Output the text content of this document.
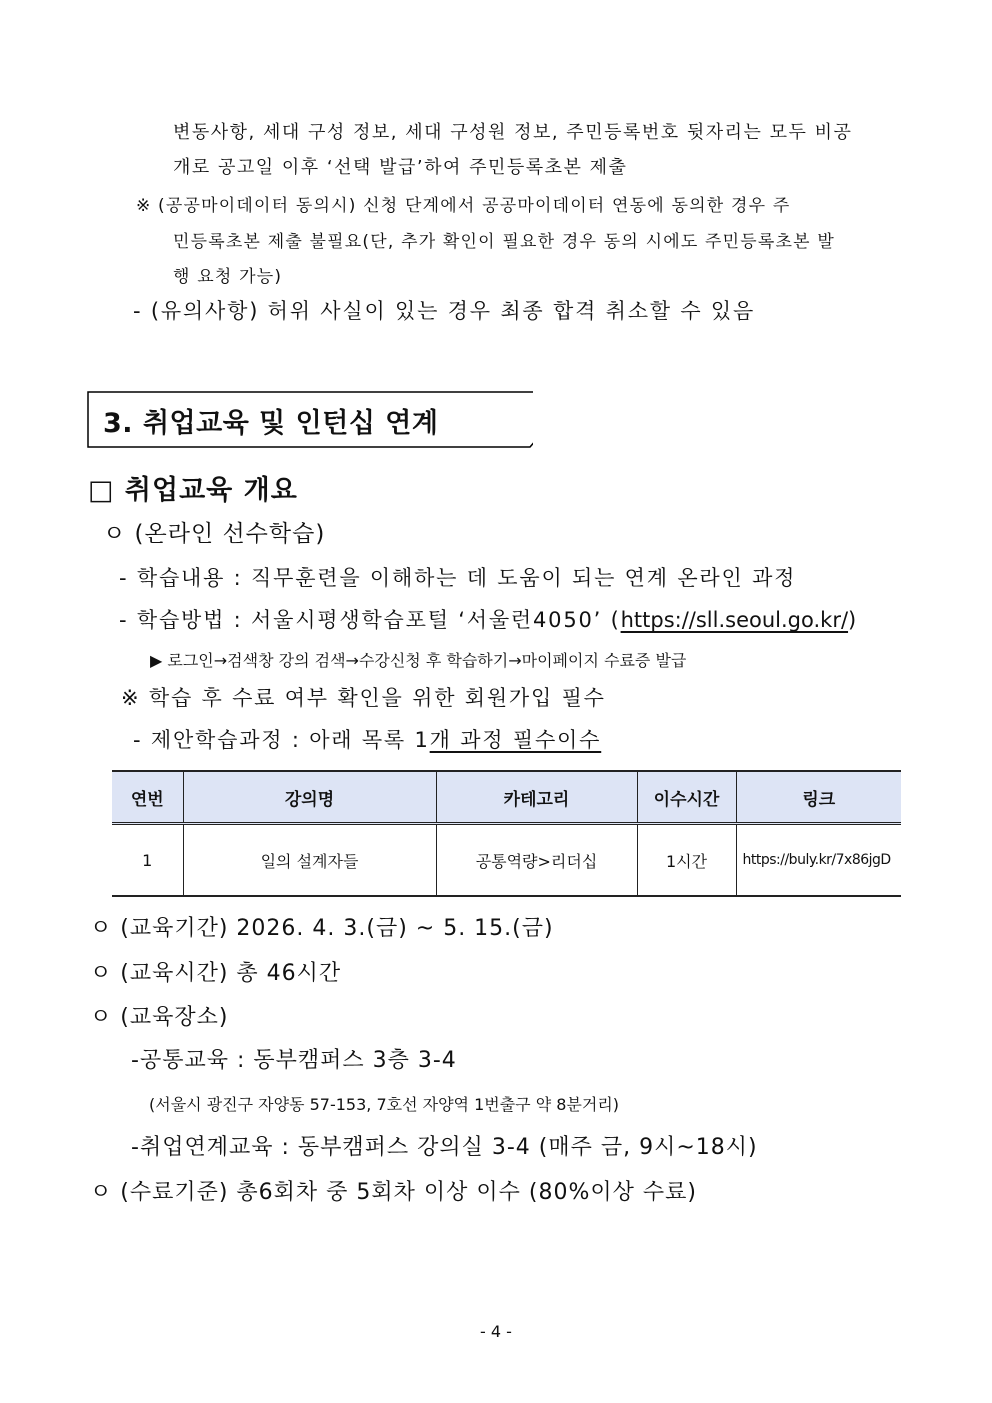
변동사항, 세대 구성 정보, 세대 구성원 정보, 주민등록번호 뒷자리는 모두 비공
개로 공고일 이후 ‘선택 발급’하여 주민등록초본 제출
※ (공공마이데이터 동의시) 신청 단계에서 공공마이데이터 연동에 동의한 경우 주
민등록초본 제출 불필요(단, 추가 확인이 필요한 경우 동의 시에도 주민등록초본 발
행 요청 가능)
- (유의사항) 허위 사실이 있는 경우 최종 합격 취소할 수 있음
3. 취업교육 및 인턴십 연계
□ 취업교육 개요
ㅇ (온라인 선수학습)
- 학습내용 : 직무훈련을 이해하는 데 도움이 되는 연계 온라인 과정
- 학습방법 : 서울시평생학습포털 ‘서울런4050’ (https://sll.seoul.go.kr/)
▶ 로그인→검색창 강의 검색→수강신청 후 학습하기→마이페이지 수료증 발급
※ 학습 후 수료 여부 확인을 위한 회원가입 필수
- 제안학습과정 : 아래 목록 1개 과정 필수이수
연번	강의명	카테고리	이수시간	링크
1	일의 설계자들	공통역량>리더십	1시간	https://buly.kr/7x86jgD
ㅇ (교육기간) 2026. 4. 3.(금) ~ 5. 15.(금)
ㅇ (교육시간) 총 46시간
ㅇ (교육장소)
-공통교육 : 동부캠퍼스 3층 3-4
(서울시 광진구 자양동 57-153, 7호선 자양역 1번출구 약 8분거리)
-취업연계교육 : 동부캠퍼스 강의실 3-4 (매주 금, 9시~18시)
ㅇ (수료기준) 총6회차 중 5회차 이상 이수 (80%이상 수료)
- 4 -
